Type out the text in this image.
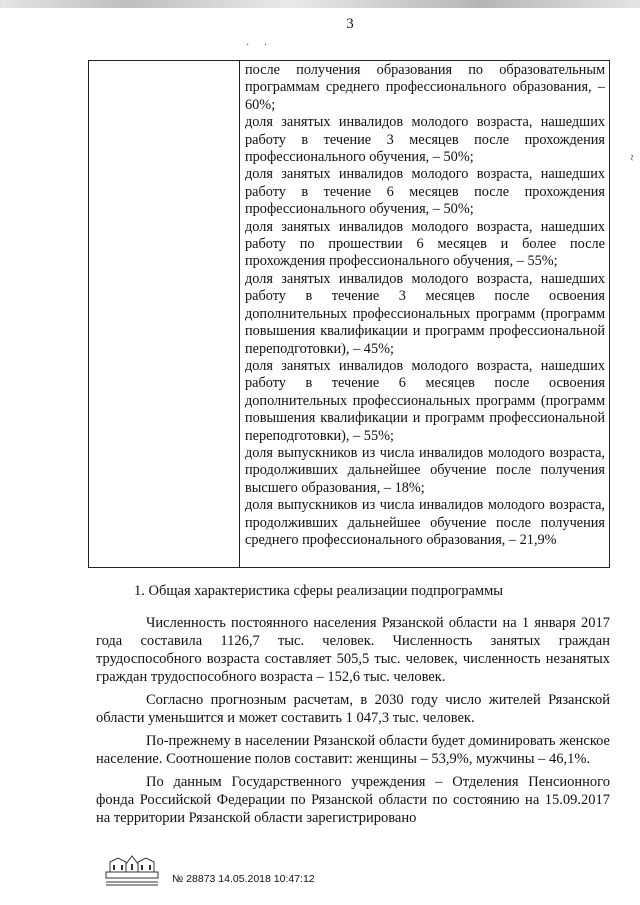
3
· ·
~
после получения образования по образовательным программам среднего профессионального образования, – 60%;
доля занятых инвалидов молодого возраста, нашедших работу в течение 3 месяцев после прохождения профессионального обучения, – 50%;
доля занятых инвалидов молодого возраста, нашедших работу в течение 6 месяцев после прохождения профессионального обучения, – 50%;
доля занятых инвалидов молодого возраста, нашедших работу по прошествии 6 месяцев и более после прохождения профессионального обучения, – 55%;
доля занятых инвалидов молодого возраста, нашедших работу в течение 3 месяцев после освоения дополнительных профессиональных программ (программ повышения квалификации и программ профессиональной переподготовки), – 45%;
доля занятых инвалидов молодого возраста, нашедших работу в течение 6 месяцев после освоения дополнительных профессиональных программ (программ повышения квалификации и программ профессиональной переподготовки), – 55%;
доля выпускников из числа инвалидов молодого возраста, продолживших дальнейшее обучение после получения высшего образования, – 18%;
доля выпускников из числа инвалидов молодого возраста, продолживших дальнейшее обучение после получения среднего профессионального образования, – 21,9%
1. Общая характеристика сферы реализации подпрограммы

Численность постоянного населения Рязанской области на 1 января 2017 года составила 1126,7 тыс. человек. Численность занятых граждан трудоспособного возраста составляет 505,5 тыс. человек, численность незанятых граждан трудоспособного возраста – 152,6 тыс. человек.

Согласно прогнозным расчетам, в 2030 году число жителей Рязанской области уменьшится и может составить 1 047,3 тыс. человек.

По-прежнему в населении Рязанской области будет доминировать женское население. Соотношение полов составит: женщины – 53,9%, мужчины – 46,1%.

По данным Государственного учреждения – Отделения Пенсионного фонда Российской Федерации по Рязанской области по состоянию на 15.09.2017 на территории Рязанской области зарегистрировано

№ 28873 14.05.2018 10:47:12
